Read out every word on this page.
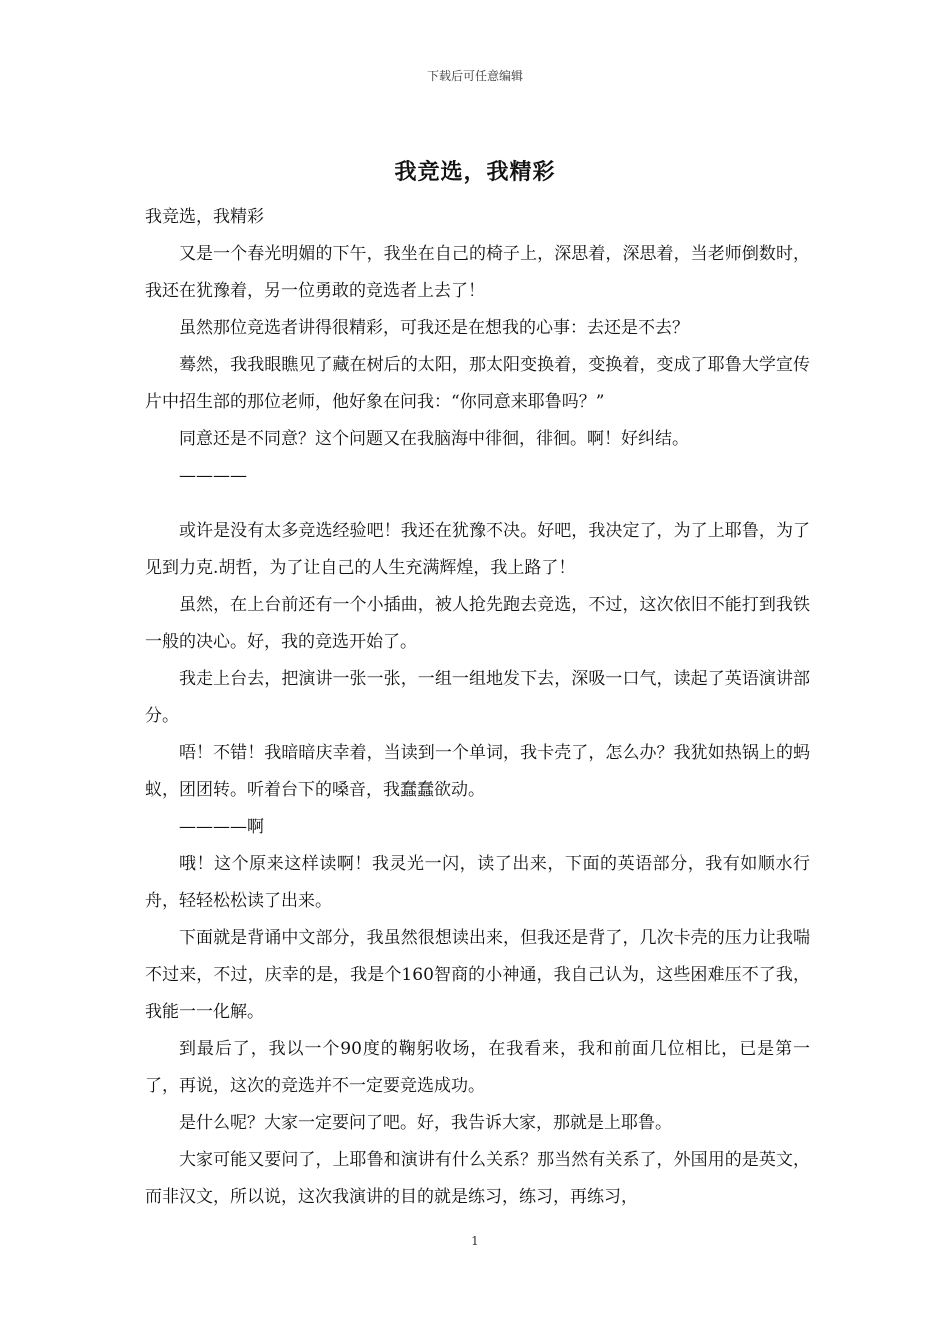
下载后可任意编辑
我竞选，我精彩

我竞选，我精彩

又是一个春光明媚的下午，我坐在自己的椅子上，深思着，深思着，当老师倒数时，我还在犹豫着，另一位勇敢的竞选者上去了！

虽然那位竞选者讲得很精彩，可我还是在想我的心事：去还是不去？

蓦然，我我眼瞧见了藏在树后的太阳，那太阳变换着，变换着，变成了耶鲁大学宣传片中招生部的那位老师，他好象在问我：“你同意来耶鲁吗？”

同意还是不同意？这个问题又在我脑海中徘徊，徘徊。啊！好纠结。

————

或许是没有太多竞选经验吧！我还在犹豫不决。好吧，我决定了，为了上耶鲁，为了见到力克.胡哲，为了让自己的人生充满辉煌，我上路了！

虽然，在上台前还有一个小插曲，被人抢先跑去竞选，不过，这次依旧不能打到我铁一般的决心。好，我的竞选开始了。

我走上台去，把演讲一张一张，一组一组地发下去，深吸一口气，读起了英语演讲部分。

唔！不错！我暗暗庆幸着，当读到一个单词，我卡壳了，怎么办？我犹如热锅上的蚂蚁，团团转。听着台下的嗓音，我蠢蠢欲动。

————啊

哦！这个原来这样读啊！我灵光一闪，读了出来，下面的英语部分，我有如顺水行舟，轻轻松松读了出来。

下面就是背诵中文部分，我虽然很想读出来，但我还是背了，几次卡壳的压力让我喘不过来，不过，庆幸的是，我是个160智商的小神通，我自己认为，这些困难压不了我，我能一一化解。

到最后了，我以一个90度的鞠躬收场，在我看来，我和前面几位相比，已是第一了，再说，这次的竞选并不一定要竞选成功。

是什么呢？大家一定要问了吧。好，我告诉大家，那就是上耶鲁。

大家可能又要问了，上耶鲁和演讲有什么关系？那当然有关系了，外国用的是英文，而非汉文，所以说，这次我演讲的目的就是练习，练习，再练习，

1
